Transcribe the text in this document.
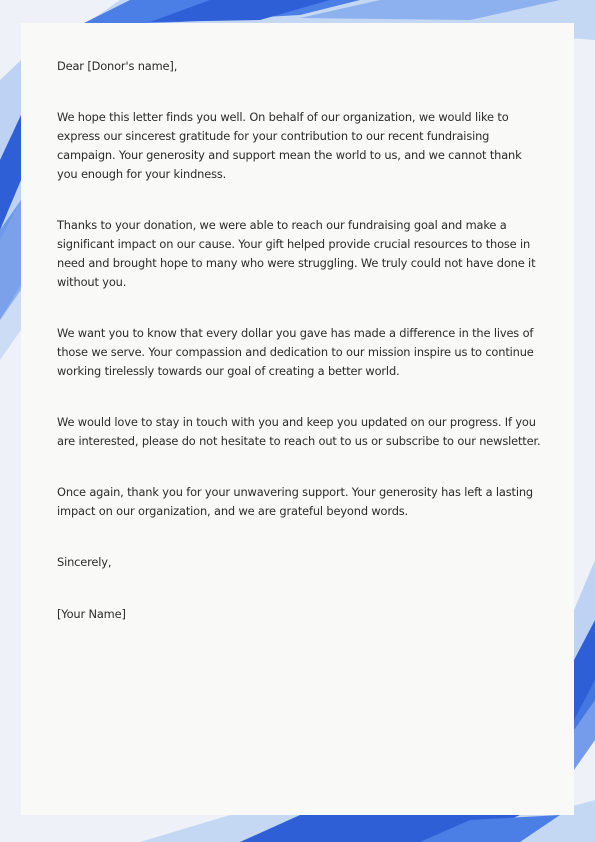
Dear [Donor's name],

We hope this letter finds you well. On behalf of our organization, we would like to express our sincerest gratitude for your contribution to our recent fundraising campaign. Your generosity and support mean the world to us, and we cannot thank you enough for your kindness.

Thanks to your donation, we were able to reach our fundraising goal and make a significant impact on our cause. Your gift helped provide crucial resources to those in need and brought hope to many who were struggling. We truly could not have done it without you.

We want you to know that every dollar you gave has made a difference in the lives of those we serve. Your compassion and dedication to our mission inspire us to continue working tirelessly towards our goal of creating a better world.

We would love to stay in touch with you and keep you updated on our progress. If you are interested, please do not hesitate to reach out to us or subscribe to our newsletter.

Once again, thank you for your unwavering support. Your generosity has left a lasting impact on our organization, and we are grateful beyond words.

Sincerely,

[Your Name]
